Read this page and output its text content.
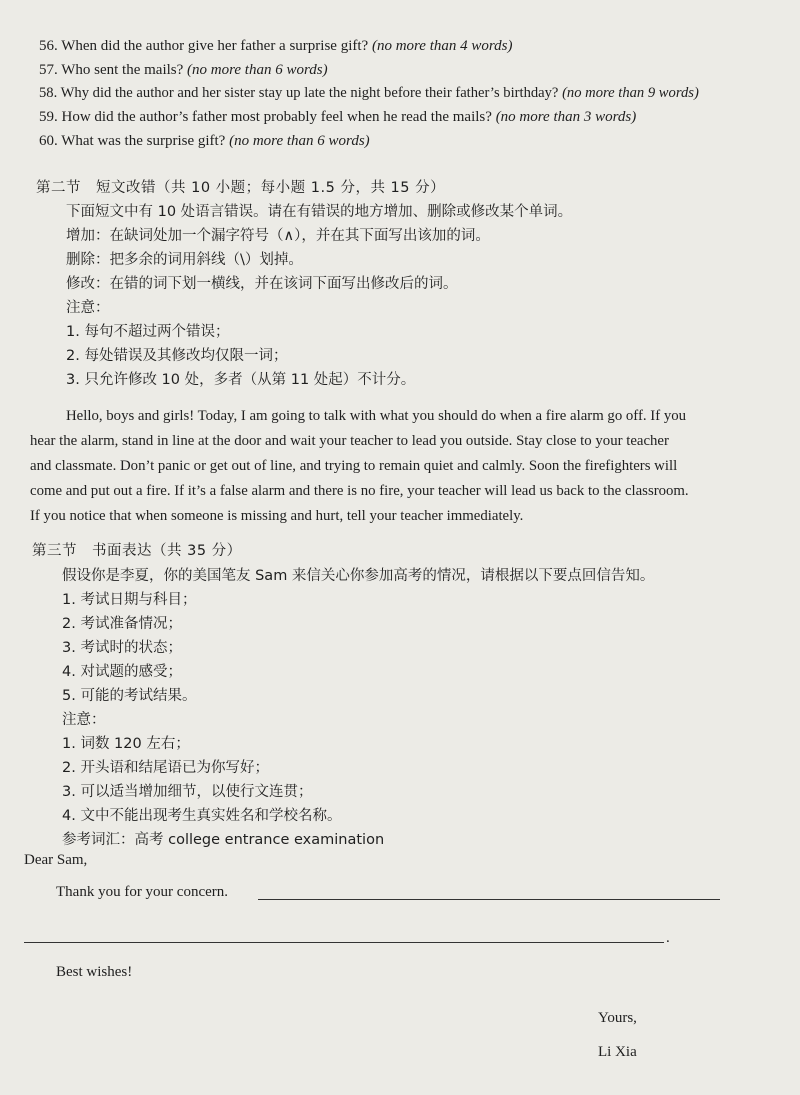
56. When did the author give her father a surprise gift? (no more than 4 words)
57. Who sent the mails? (no more than 6 words)
58. Why did the author and her sister stay up late the night before their father’s birthday? (no more than 9 words)
59. How did the author’s father most probably feel when he read the mails? (no more than 3 words)
60. What was the surprise gift? (no more than 6 words)
第二节　短文改错（共 10 小题；每小题 1.5 分，共 15 分）
下面短文中有 10 处语言错误。请在有错误的地方增加、删除或修改某个单词。
增加：在缺词处加一个漏字符号（∧），并在其下面写出该加的词。
删除：把多余的词用斜线（\）划掉。
修改：在错的词下划一横线，并在该词下面写出修改后的词。
注意：
1. 每句不超过两个错误；
2. 每处错误及其修改均仅限一词；
3. 只允许修改 10 处，多者（从第 11 处起）不计分。
Hello, boys and girls! Today, I am going to talk with what you should do when a fire alarm go off. If you
hear the alarm, stand in line at the door and wait your teacher to lead you outside. Stay close to your teacher
and classmate. Don’t panic or get out of line, and trying to remain quiet and calmly. Soon the firefighters will
come and put out a fire. If it’s a false alarm and there is no fire, your teacher will lead us back to the classroom.
If you notice that when someone is missing and hurt, tell your teacher immediately.
第三节　书面表达（共 35 分）
假设你是李夏，你的美国笔友 Sam 来信关心你参加高考的情况，请根据以下要点回信告知。
1. 考试日期与科目；
2. 考试准备情况；
3. 考试时的状态；
4. 对试题的感受；
5. 可能的考试结果。
注意：
1. 词数 120 左右；
2. 开头语和结尾语已为你写好；
3. 可以适当增加细节，以使行文连贯；
4. 文中不能出现考生真实姓名和学校名称。
参考词汇：高考 college entrance examination
Dear Sam,
Thank you for your concern.
.
Best wishes!
Yours,
Li Xia
